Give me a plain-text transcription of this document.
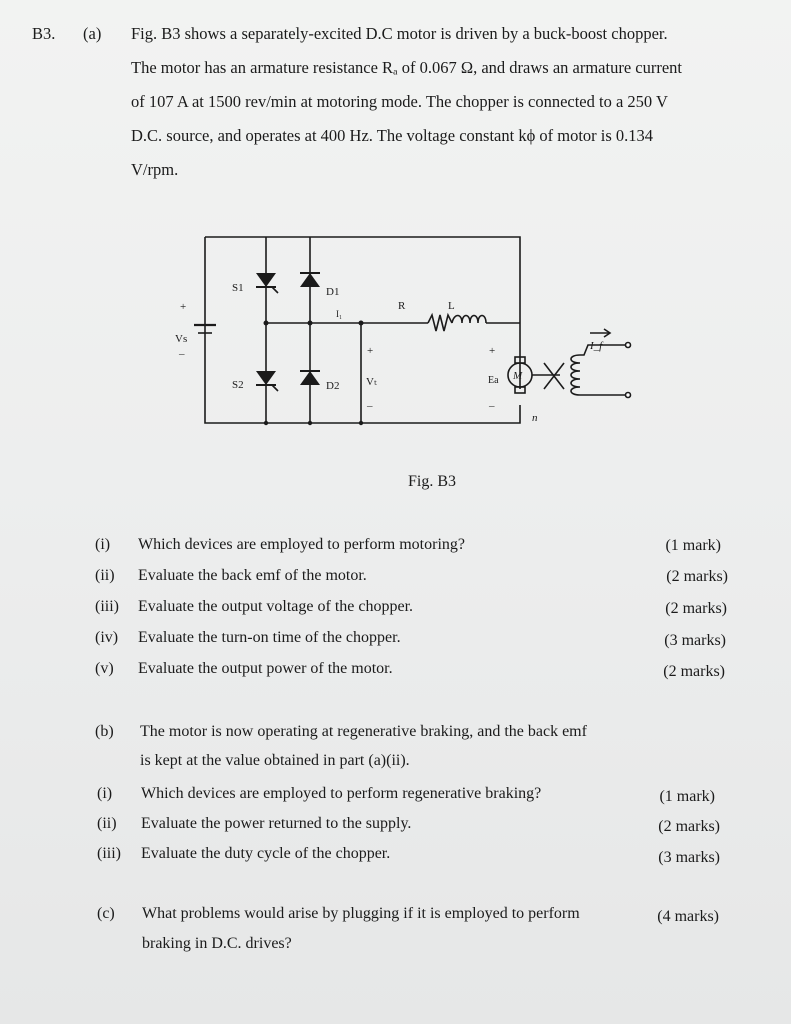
B3. (a) Fig. B3 shows a separately-excited D.C motor is driven by a buck-boost chopper.
The motor has an armature resistance Rₐ of 0.067 Ω, and draws an armature current
of 107 A at 1500 rev/min at motoring mode. The chopper is connected to a 250 V
D.C. source, and operates at 400 Hz. The voltage constant kϕ of motor is 0.134
V/rpm.
+
Vs
–
S1
S2
D1
D2
I₁
R	L
+
Vₜ
–
+
Ea
–
M
n
I_f
Fig. B3
(i) Which devices are employed to perform motoring?	(1 mark)
(ii) Evaluate the back emf of the motor.	(2 marks)
(iii) Evaluate the output voltage of the chopper.	(2 marks)
(iv) Evaluate the turn-on time of the chopper.	(3 marks)
(v) Evaluate the output power of the motor.	(2 marks)
(b) The motor is now operating at regenerative braking, and the back emf
is kept at the value obtained in part (a)(ii).
(i) Which devices are employed to perform regenerative braking?	(1 mark)
(ii) Evaluate the power returned to the supply.	(2 marks)
(iii) Evaluate the duty cycle of the chopper.	(3 marks)
(c) What problems would arise by plugging if it is employed to perform
braking in D.C. drives?
(4 marks)
